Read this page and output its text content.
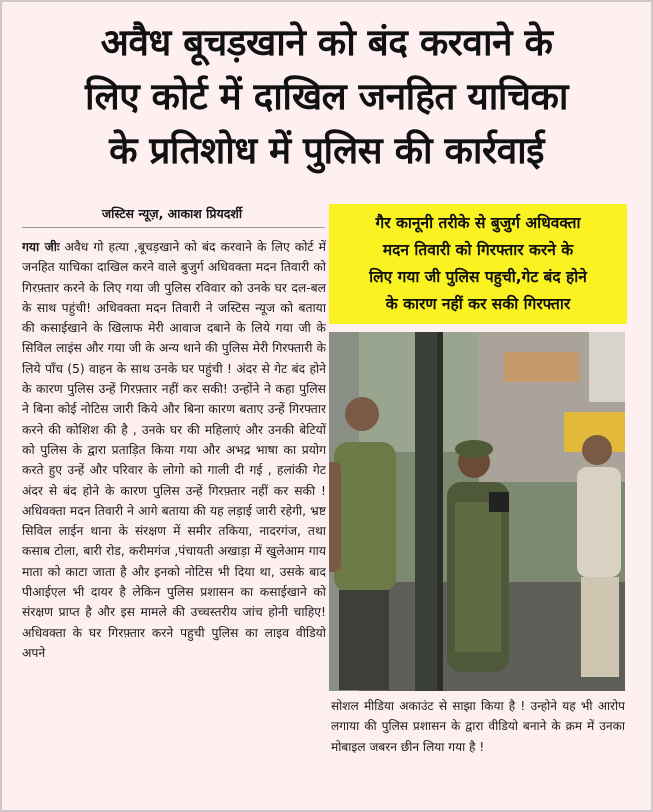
अवैध बूचड़खाने को बंद करवाने के
लिए कोर्ट में दाखिल जनहित याचिका
के प्रतिशोध में पुलिस की कार्रवाई
जस्टिस न्यूज़, आकाश प्रियदर्शी

गया जीः अवैध गो हत्या ,बूचड़खाने को बंद करवाने के लिए कोर्ट में जनहित याचिका दाखिल करने वाले बुजुर्ग अधिवक्ता मदन तिवारी को गिरफ़्तार करने के लिए गया जी पुलिस रविवार को उनके घर दल-बल के साथ पहुंची! अधिवक्ता मदन तिवारी ने जस्टिस न्यूज को बताया की कसाईखाने के खिलाफ मेरी आवाज दबाने के लिये गया जी के सिविल लाइंस और गया जी के अन्य थाने की पुलिस मेरी गिरफ्तारी के लिये पाँच (5) वाहन के साथ उनके घर पहुंची ! अंदर से गेट बंद होने के कारण पुलिस उन्हें गिरफ़्तार नहीं कर सकी! उन्होंने ने कहा पुलिस ने बिना कोई नोटिस जारी किये और बिना कारण बताए उन्हें गिरफ्तार करने की कोशिश की है , उनके घर की महिलाएं और उनकी बेटियों को पुलिस के द्वारा प्रताड़ित किया गया और अभद्र भाषा का प्रयोग करते हुए उन्हें और परिवार के लोगो को गाली दी गई , हलांकी गेट अंदर से बंद होने के कारण पुलिस उन्हें गिरफ़्तार नहीं कर सकी ! अधिवक्ता मदन तिवारी ने आगे बताया की यह लड़ाई जारी रहेगी, भ्रष्ट सिविल लाईन थाना के संरक्षण में समीर तकिया, नादरगंज, तथा कसाब टोला, बारी रोड, करीमगंज ,पंचायती अखाड़ा में खुलेआम गाय माता को काटा जाता है और इनको नोटिस भी दिया था, उसके बाद पीआईएल भी दायर है लेकिन पुलिस प्रशासन का कसाईखाने को संरक्षण प्राप्त है और इस मामले की उच्चस्तरीय जांच होनी चाहिए! अधिवक्ता के घर गिरफ़्तार करने पहुची पुलिस का लाइव वीडियो अपने

गैर कानूनी तरीके से बुजुर्ग अधिवक्ता
मदन तिवारी को गिरफ्तार करने के
लिए गया जी पुलिस पहुची,गेट बंद होने
के कारण नहीं कर सकी गिरफ्तार

सोशल मीडिया अकाउंट से साझा किया है ! उन्होने यह भी आरोप लगाया की पुलिस प्रशासन के द्वारा वीडियो बनाने के क्रम में उनका मोबाइल जबरन छीन लिया गया है !
